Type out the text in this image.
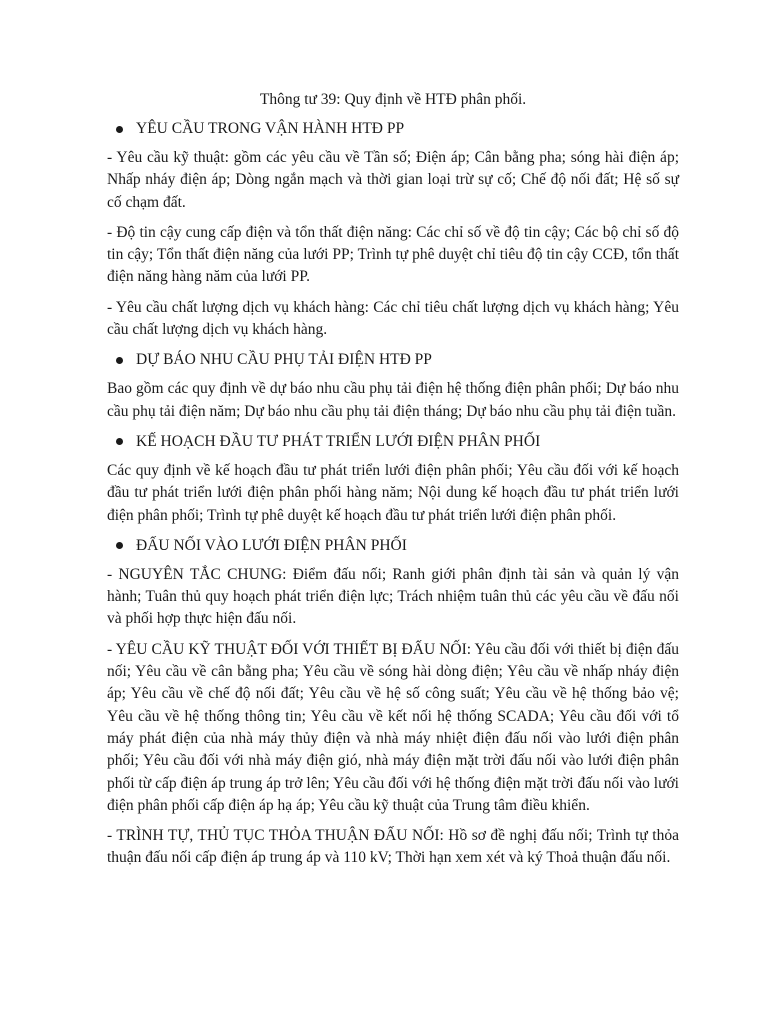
Thông tư 39: Quy định về HTĐ phân phối.
YÊU CẦU TRONG VẬN HÀNH HTĐ PP

- Yêu cầu kỹ thuật: gồm các yêu cầu về Tần số; Điện áp; Cân bằng pha; sóng hài điện áp; Nhấp nháy điện áp; Dòng ngắn mạch và thời gian loại trừ sự cố; Chế độ nối đất; Hệ số sự cố chạm đất.

- Độ tin cậy cung cấp điện và tổn thất điện năng: Các chỉ số về độ tin cậy; Các bộ chỉ số độ tin cậy; Tổn thất điện năng của lưới PP; Trình tự phê duyệt chỉ tiêu độ tin cậy CCĐ, tổn thất điện năng hàng năm của lưới PP.

- Yêu cầu chất lượng dịch vụ khách hàng: Các chỉ tiêu chất lượng dịch vụ khách hàng; Yêu cầu chất lượng dịch vụ khách hàng.

DỰ BÁO NHU CẦU PHỤ TẢI ĐIỆN HTĐ PP

Bao gồm các quy định về dự báo nhu cầu phụ tải điện hệ thống điện phân phối; Dự báo nhu cầu phụ tải điện năm; Dự báo nhu cầu phụ tải điện tháng; Dự báo nhu cầu phụ tải điện tuần.

KẾ HOẠCH ĐẦU TƯ PHÁT TRIỂN LƯỚI ĐIỆN PHÂN PHỐI

Các quy định về kế hoạch đầu tư phát triển lưới điện phân phối; Yêu cầu đối với kế hoạch đầu tư phát triển lưới điện phân phối hàng năm; Nội dung kế hoạch đầu tư phát triển lưới điện phân phối; Trình tự phê duyệt kế hoạch đầu tư phát triển lưới điện phân phối.

ĐẤU NỐI VÀO LƯỚI ĐIỆN PHÂN PHỐI

- NGUYÊN TẮC CHUNG: Điểm đấu nối; Ranh giới phân định tài sản và quản lý vận hành; Tuân thủ quy hoạch phát triển điện lực; Trách nhiệm tuân thủ các yêu cầu về đấu nối và phối hợp thực hiện đấu nối.

- YÊU CẦU KỸ THUẬT ĐỐI VỚI THIẾT BỊ ĐẤU NỐI: Yêu cầu đối với thiết bị điện đấu nối; Yêu cầu về cân bằng pha; Yêu cầu về sóng hài dòng điện; Yêu cầu về nhấp nháy điện áp; Yêu cầu về chế độ nối đất; Yêu cầu về hệ số công suất; Yêu cầu về hệ thống bảo vệ; Yêu cầu về hệ thống thông tin; Yêu cầu về kết nối hệ thống SCADA; Yêu cầu đối với tổ máy phát điện của nhà máy thủy điện và nhà máy nhiệt điện đấu nối vào lưới điện phân phối; Yêu cầu đối với nhà máy điện gió, nhà máy điện mặt trời đấu nối vào lưới điện phân phối từ cấp điện áp trung áp trở lên; Yêu cầu đối với hệ thống điện mặt trời đấu nối vào lưới điện phân phối cấp điện áp hạ áp; Yêu cầu kỹ thuật của Trung tâm điều khiển.

- TRÌNH TỰ, THỦ TỤC THỎA THUẬN ĐẤU NỐI: Hồ sơ đề nghị đấu nối; Trình tự thỏa thuận đấu nối cấp điện áp trung áp và 110 kV; Thời hạn xem xét và ký Thoả thuận đấu nối.
